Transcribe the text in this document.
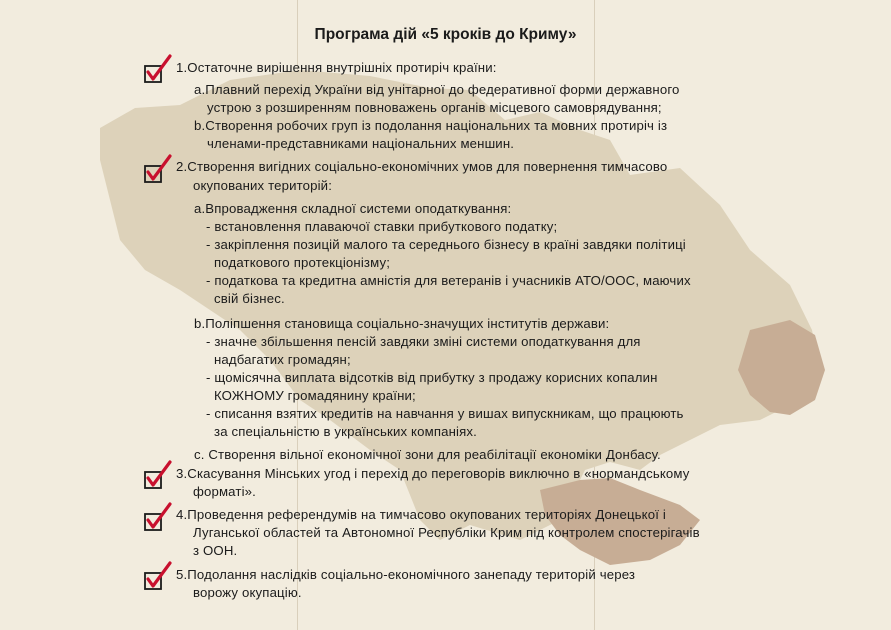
Програма дій «5 кроків до Криму»
1.Остаточне вирішення внутрішніх протиріч країни:
a.Плавний перехід України від унітарної до федеративної форми державного
устрою з розширенням повноважень органів місцевого самоврядування;
b.Створення робочих груп із подолання національних та мовних протиріч із
членами-представниками національних меншин.
2.Створення вигідних соціально-економічних умов для повернення тимчасово
окупованих територій:
a.Впровадження складної системи оподаткування:
- встановлення плаваючої ставки прибуткового податку;
- закріплення позицій малого та середнього бізнесу в країні завдяки політиці
податкового протекціонізму;
- податкова та кредитна амністія для ветеранів і учасників АТО/ООС, маючих
свій бізнес.
b.Поліпшення становища соціально-значущих інститутів держави:
- значне збільшення пенсій завдяки зміні системи оподаткування для
надбагатих громадян;
- щомісячна виплата відсотків від прибутку з продажу корисних копалин
КОЖНОМУ громадянину країни;
- списання взятих кредитів на навчання у вишах випускникам, що працюють
за спеціальністю в українських компаніях.
c. Створення вільної економічної зони для реабілітації економіки Донбасу.
3.Скасування Мінських угод і перехід до переговорів виключно в «нормандському
форматі».
4.Проведення референдумів на тимчасово окупованих територіях Донецької і
Луганської областей та Автономної Республіки Крим під контролем спостерігачів
з ООН.
5.Подолання наслідків соціально-економічного занепаду територій через
ворожу окупацію.
